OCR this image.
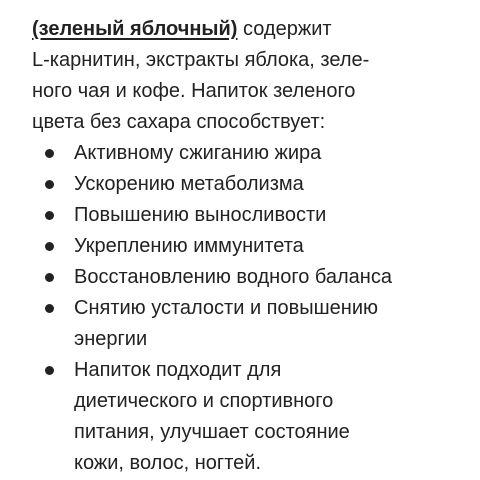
(зеленый яблочный) содержит
L-карнитин, экстракты яблока, зеле-
ного чая и кофе. Напиток зеленого
цвета без сахара способствует:

Активному сжиганию жира
Ускорению метаболизма
Повышению выносливости
Укреплению иммунитета
Восстановлению водного баланса
Снятию усталости и повышению
энергии
Напиток подходит для
диетического и спортивного
питания, улучшает состояние
кожи, волос, ногтей.
